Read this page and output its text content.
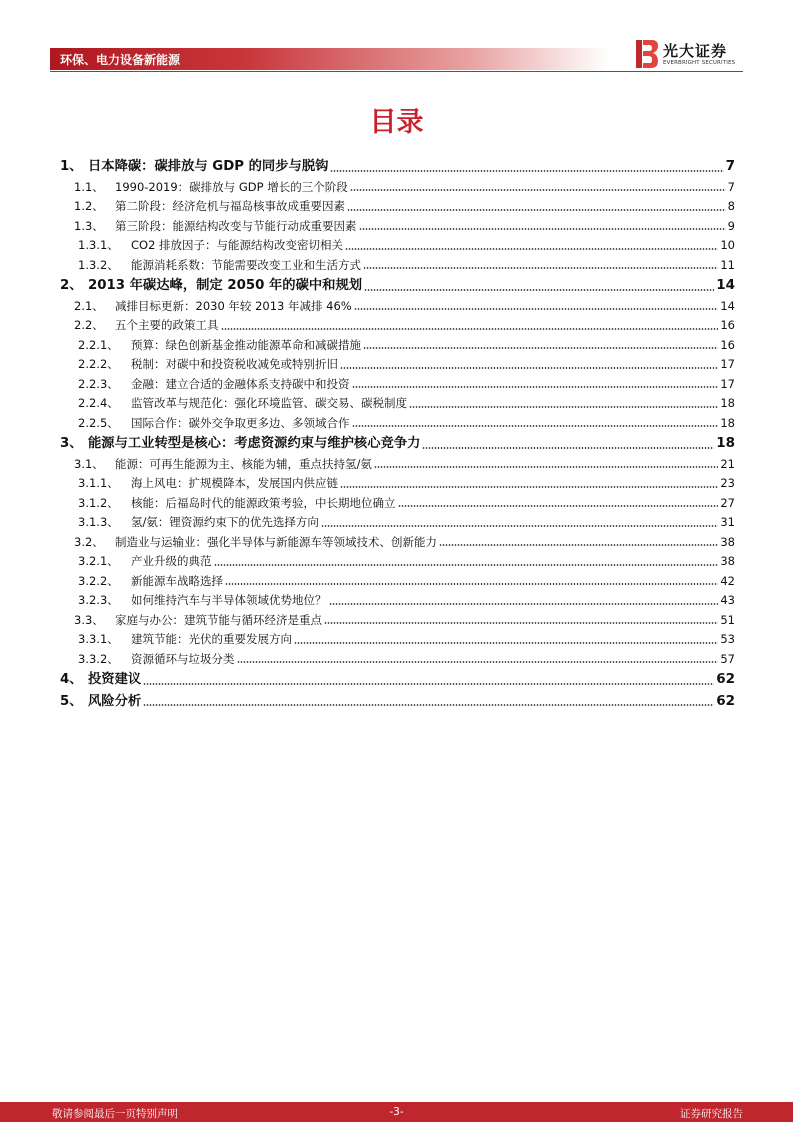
环保、电力设备新能源	光大证券
EVERBRIGHT SECURITIES
目录
1、 日本降碳：碳排放与 GDP 的同步与脱钩	7
1.1、 1990-2019：碳排放与 GDP 增长的三个阶段	7
1.2、 第二阶段：经济危机与福岛核事故成重要因素	8
1.3、 第三阶段：能源结构改变与节能行动成重要因素	9
1.3.1、	CO2 排放因子：与能源结构改变密切相关	10
1.3.2、	能源消耗系数：节能需要改变工业和生活方式	11
2、 2013 年碳达峰，制定 2050 年的碳中和规划	14
2.1、 减排目标更新：2030 年较 2013 年减排 46%	14
2.2、 五个主要的政策工具	16
2.2.1、	预算：绿色创新基金推动能源革命和减碳措施	16
2.2.2、	税制：对碳中和投资税收减免或特别折旧	17
2.2.3、	金融：建立合适的金融体系支持碳中和投资	17
2.2.4、	监管改革与规范化：强化环境监管、碳交易、碳税制度	18
2.2.5、	国际合作：碳外交争取更多边、多领域合作	18
3、 能源与工业转型是核心：考虑资源约束与维护核心竞争力	18
3.1、 能源：可再生能源为主、核能为辅，重点扶持氢/氨	21
3.1.1、	海上风电：扩规模降本，发展国内供应链	23
3.1.2、	核能：后福岛时代的能源政策考验，中长期地位确立	27
3.1.3、	氢/氨：锂资源约束下的优先选择方向	31
3.2、 制造业与运输业：强化半导体与新能源车等领域技术、创新能力	38
3.2.1、	产业升级的典范	38
3.2.2、	新能源车战略选择	42
3.2.3、	如何维持汽车与半导体领域优势地位？	43
3.3、 家庭与办公：建筑节能与循环经济是重点	51
3.3.1、	建筑节能：光伏的重要发展方向	53
3.3.2、	资源循环与垃圾分类	57
4、 投资建议	62
5、 风险分析	62
敬请参阅最后一页特别声明	-3-	证券研究报告
